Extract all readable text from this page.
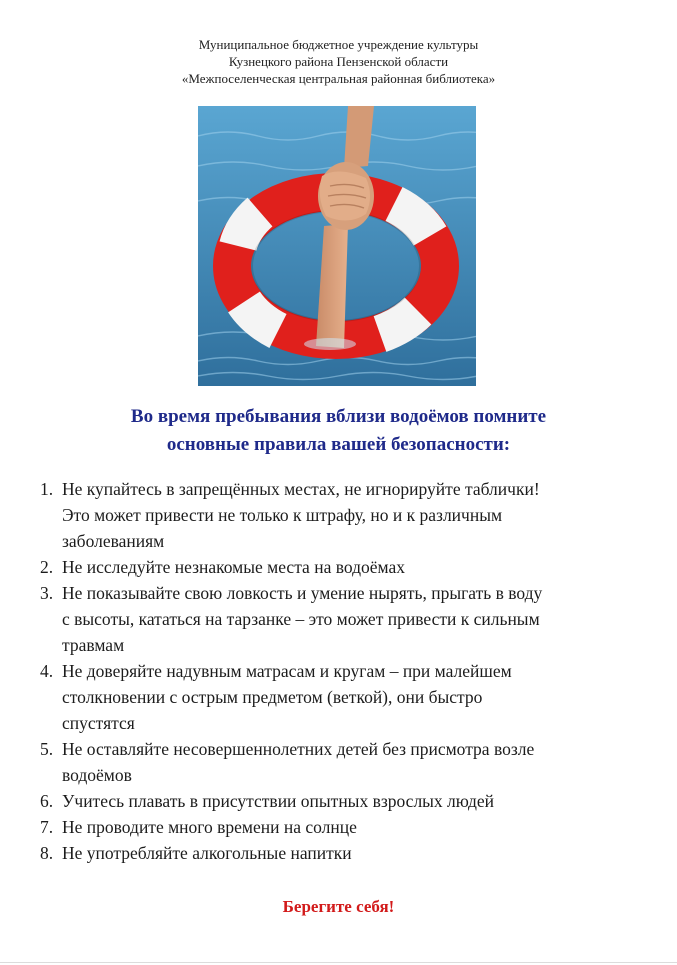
Муниципальное бюджетное учреждение культуры
Кузнецкого района Пензенской области
«Межпоселенческая центральная районная библиотека»
Во время пребывания вблизи водоёмов помните
основные правила вашей безопасности:
1. Не купайтесь в запрещённых местах, не игнорируйте таблички!
Это может привести не только к штрафу, но и к различным
заболеваниям
2. Не исследуйте незнакомые места на водоёмах
3. Не показывайте свою ловкость и умение нырять, прыгать в воду
с высоты, кататься на тарзанке – это может привести к сильным
травмам
4. Не доверяйте надувным матрасам и кругам – при малейшем
столкновении с острым предметом (веткой), они быстро
спустятся
5. Не оставляйте несовершеннолетних детей без присмотра возле
водоёмов
6. Учитесь плавать в присутствии опытных взрослых людей
7. Не проводите много времени на солнце
8. Не употребляйте алкогольные напитки
Берегите себя!
